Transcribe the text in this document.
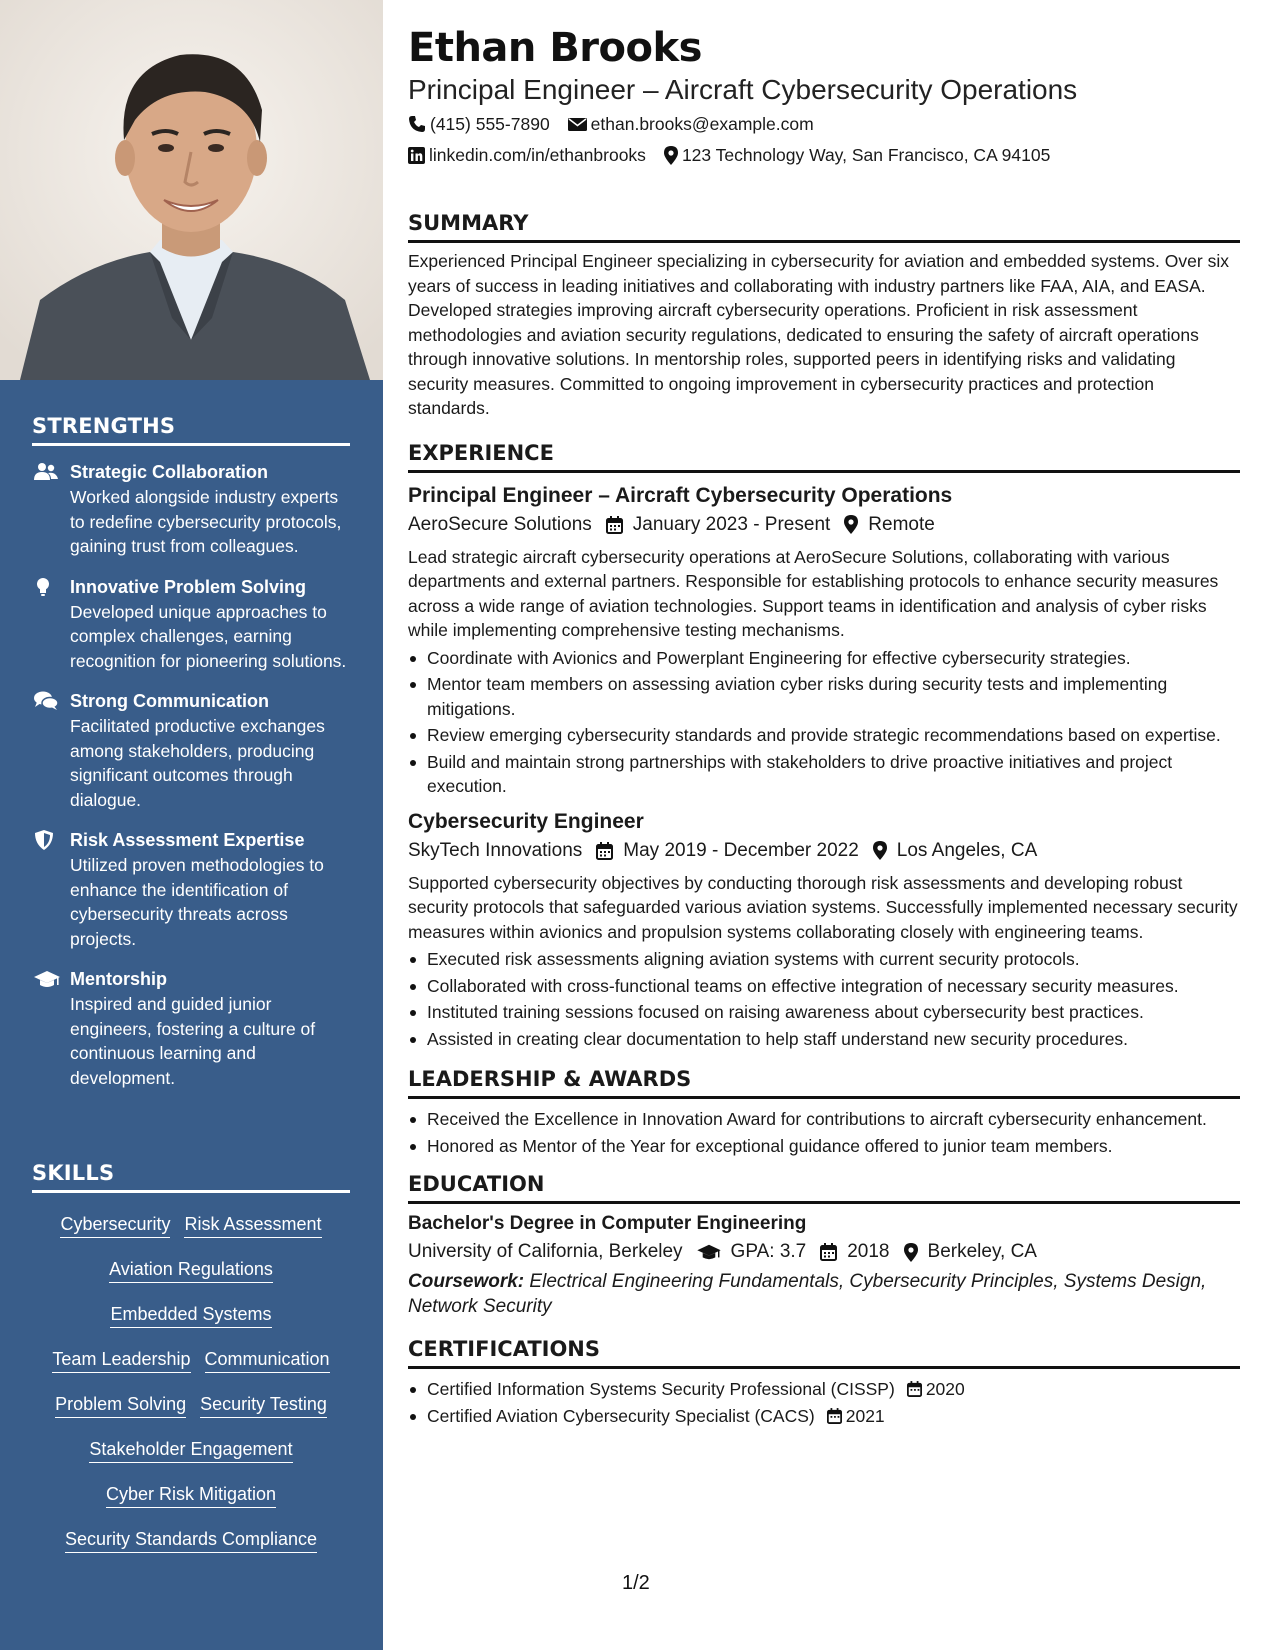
STRENGTHS
Strategic Collaboration
Worked alongside industry experts to redefine cybersecurity protocols, gaining trust from colleagues.
Innovative Problem Solving
Developed unique approaches to complex challenges, earning recognition for pioneering solutions.
Strong Communication
Facilitated productive exchanges among stakeholders, producing significant outcomes through dialogue.
Risk Assessment Expertise
Utilized proven methodologies to enhance the identification of cybersecurity threats across projects.
Mentorship
Inspired and guided junior engineers, fostering a culture of continuous learning and development.
SKILLS
Cybersecurity Risk Assessment
Aviation Regulations
Embedded Systems
Team Leadership Communication
Problem Solving Security Testing
Stakeholder Engagement
Cyber Risk Mitigation
Security Standards Compliance
Ethan Brooks
Principal Engineer – Aircraft Cybersecurity Operations
(415) 555-7890 ethan.brooks@example.com
linkedin.com/in/ethanbrooks 123 Technology Way, San Francisco, CA 94105
SUMMARY

Experienced Principal Engineer specializing in cybersecurity for aviation and embedded systems. Over six years of success in leading initiatives and collaborating with industry partners like FAA, AIA, and EASA. Developed strategies improving aircraft cybersecurity operations. Proficient in risk assessment methodologies and aviation security regulations, dedicated to ensuring the safety of aircraft operations through innovative solutions. In mentorship roles, supported peers in identifying risks and validating security measures. Committed to ongoing improvement in cybersecurity practices and protection standards.

EXPERIENCE
Principal Engineer – Aircraft Cybersecurity Operations
AeroSecure Solutions January 2023 - Present Remote

Lead strategic aircraft cybersecurity operations at AeroSecure Solutions, collaborating with various departments and external partners. Responsible for establishing protocols to enhance security measures across a wide range of aviation technologies. Support teams in identification and analysis of cyber risks while implementing comprehensive testing mechanisms.

Coordinate with Avionics and Powerplant Engineering for effective cybersecurity strategies.
Mentor team members on assessing aviation cyber risks during security tests and implementing mitigations.
Review emerging cybersecurity standards and provide strategic recommendations based on expertise.
Build and maintain strong partnerships with stakeholders to drive proactive initiatives and project execution.
Cybersecurity Engineer
SkyTech Innovations May 2019 - December 2022 Los Angeles, CA

Supported cybersecurity objectives by conducting thorough risk assessments and developing robust security protocols that safeguarded various aviation systems. Successfully implemented necessary security measures within avionics and propulsion systems collaborating closely with engineering teams.

Executed risk assessments aligning aviation systems with current security protocols.
Collaborated with cross-functional teams on effective integration of necessary security measures.
Instituted training sessions focused on raising awareness about cybersecurity best practices.
Assisted in creating clear documentation to help staff understand new security procedures.
LEADERSHIP & AWARDS
Received the Excellence in Innovation Award for contributions to aircraft cybersecurity enhancement.
Honored as Mentor of the Year for exceptional guidance offered to junior team members.
EDUCATION
Bachelor's Degree in Computer Engineering
University of California, Berkeley	GPA: 3.7 2018 Berkeley, CA

Coursework: Electrical Engineering Fundamentals, Cybersecurity Principles, Systems Design, Network Security

CERTIFICATIONS
Certified Information Systems Security Professional (CISSP) 2020
Certified Aviation Cybersecurity Specialist (CACS) 2021
1/2
